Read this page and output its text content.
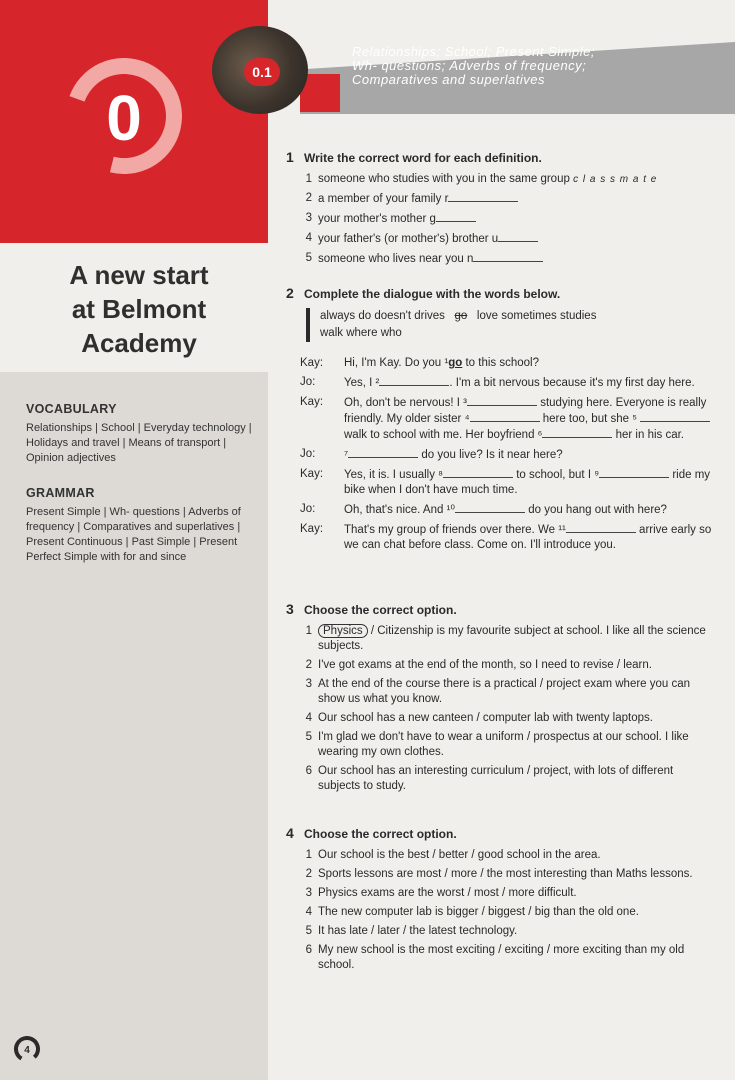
0
0.1
Relationships; School; Present Simple;
Wh- questions; Adverbs of frequency;
Comparatives and superlatives
A new start
at Belmont
Academy
VOCABULARY

Relationships | School | Everyday technology | Holidays and travel | Means of transport | Opinion adjectives

GRAMMAR

Present Simple | Wh- questions | Adverbs of frequency | Comparatives and superlatives | Present Continuous | Past Simple | Present Perfect Simple with for and since

1 Write the correct word for each definition.
1 someone who studies with you in the same group c l a s s m a t e
2 a member of your family r
3 your mother's mother g
4 your father's (or mother's) brother u
5 someone who lives near you n
2 Complete the dialogue with the words below.
always do doesn't drives go love sometimes studies
walk where who
Kay:	Hi, I'm Kay. Do you ¹go to this school?
Jo:	Yes, I ²	. I'm a bit nervous because it's my first day here.
Kay:	Oh, don't be nervous! I ³	studying here. Everyone is really friendly. My older sister ⁴	here too, but she ⁵  walk to school with me. Her boyfriend ⁶	her in his car.
Jo:	⁷	do you live? Is it near here?
Kay:	Yes, it is. I usually ⁸	to school, but I ⁹	ride my bike when I don't have much time.
Jo:	Oh, that's nice. And ¹⁰	do you hang out with here?
Kay:	That's my group of friends over there. We ¹¹	arrive early so we can chat before class. Come on. I'll introduce you.
3 Choose the correct option.
1 Physics / Citizenship is my favourite subject at school. I like all the science subjects.
2 I've got exams at the end of the month, so I need to revise / learn.
3 At the end of the course there is a practical / project exam where you can show us what you know.
4 Our school has a new canteen / computer lab with twenty laptops.
5 I'm glad we don't have to wear a uniform / prospectus at our school. I like wearing my own clothes.
6 Our school has an interesting curriculum / project, with lots of different subjects to study.
4 Choose the correct option.
1 Our school is the best / better / good school in the area.
2 Sports lessons are most / more / the most interesting than Maths lessons.
3 Physics exams are the worst / most / more difficult.
4 The new computer lab is bigger / biggest / big than the old one.
5 It has late / later / the latest technology.
6 My new school is the most exciting / exciting / more exciting than my old school.
4
